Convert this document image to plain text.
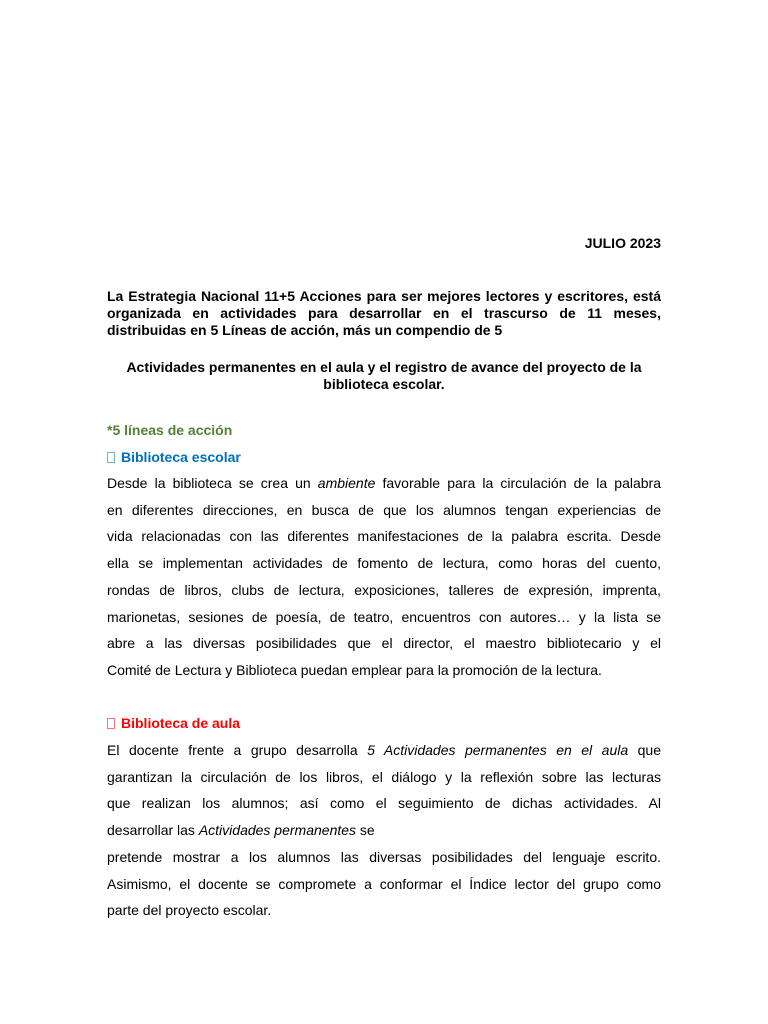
JULIO 2023
La Estrategia Nacional 11+5 Acciones para ser mejores lectores y escritores, está organizada en actividades para desarrollar en el trascurso de 11 meses, distribuidas en 5 Líneas de acción, más un compendio de 5
Actividades permanentes en el aula y el registro de avance del proyecto de la biblioteca escolar.
*5 líneas de acción
Biblioteca escolar
Desde la biblioteca se crea un ambiente favorable para la circulación de la palabra
en diferentes direcciones, en busca de que los alumnos tengan experiencias de
vida relacionadas con las diferentes manifestaciones de la palabra escrita. Desde
ella se implementan actividades de fomento de lectura, como horas del cuento,
rondas de libros, clubs de lectura, exposiciones, talleres de expresión, imprenta,
marionetas, sesiones de poesía, de teatro, encuentros con autores… y la lista se
abre a las diversas posibilidades que el director, el maestro bibliotecario y el
Comité de Lectura y Biblioteca puedan emplear para la promoción de la lectura.
Biblioteca de aula
El docente frente a grupo desarrolla 5 Actividades permanentes en el aula que
garantizan la circulación de los libros, el diálogo y la reflexión sobre las lecturas
que realizan los alumnos; así como el seguimiento de dichas actividades. Al
desarrollar las Actividades permanentes se
pretende mostrar a los alumnos las diversas posibilidades del lenguaje escrito.
Asimismo, el docente se compromete a conformar el Índice lector del grupo como
parte del proyecto escolar.
